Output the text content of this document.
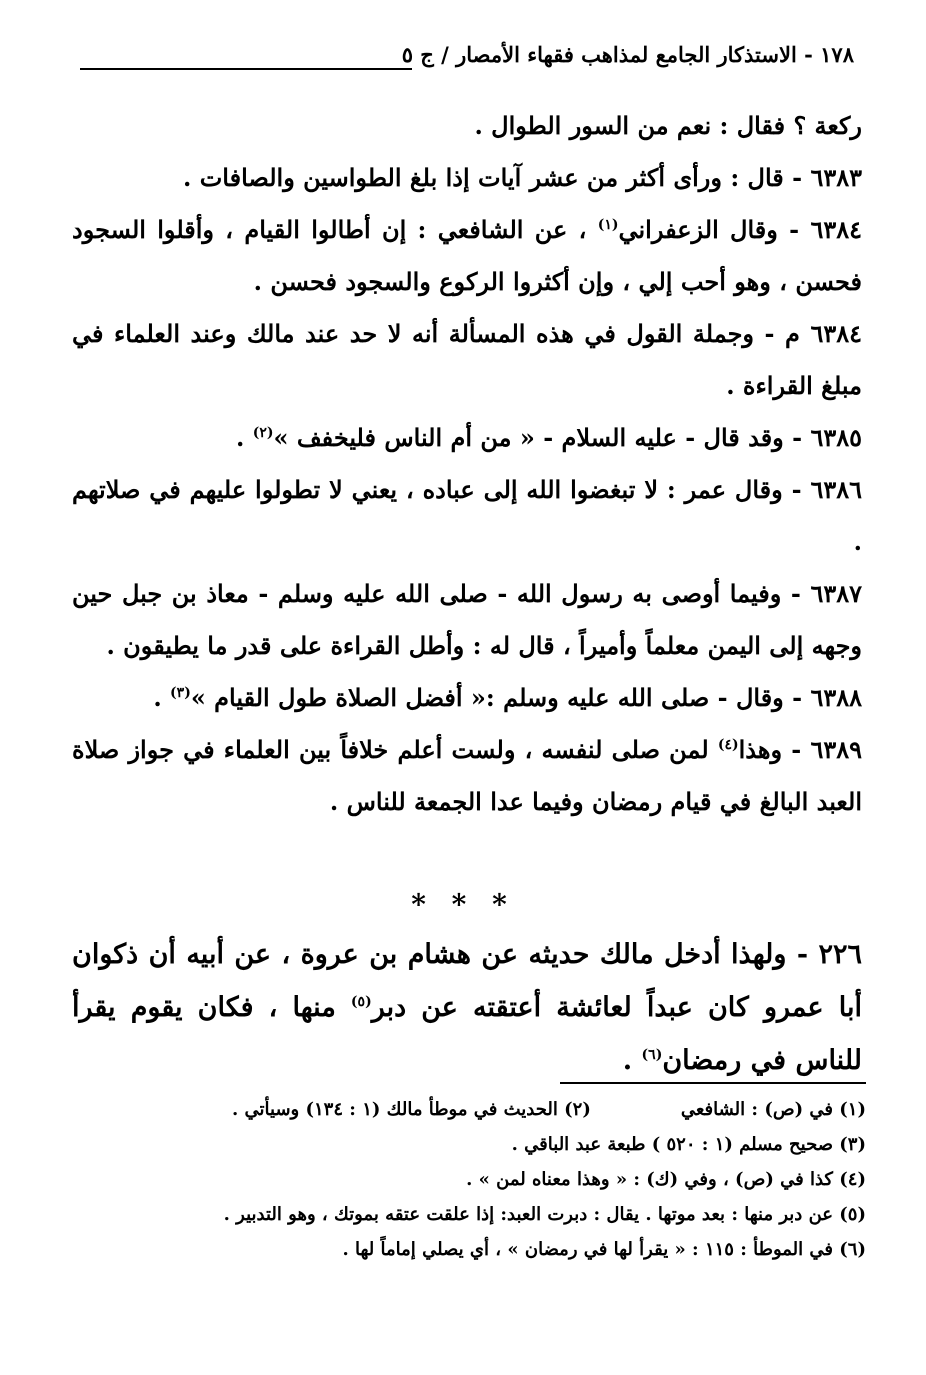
١٧٨ - الاستذكار الجامع لمذاهب فقهاء الأمصار / ج ٥

ركعة ؟ فقال : نعم من السور الطوال .

٦٣٨٣ - قال : ورأى أكثر من عشر آيات إذا بلغ الطواسين والصافات .

٦٣٨٤ - وقال الزعفراني$^{(١)}$ ، عن الشافعي : إن أطالوا القيام ، وأقلوا السجود فحسن ، وهو أحب إلي ، وإن أكثروا الركوع والسجود فحسن .

٦٣٨٤ م - وجملة القول في هذه المسألة أنه لا حد عند مالك وعند العلماء في مبلغ القراءة .

٦٣٨٥ - وقد قال - عليه السلام - « من أم الناس فليخفف »$^{(٢)}$ .

٦٣٨٦ - وقال عمر : لا تبغضوا الله إلى عباده ، يعني لا تطولوا عليهم في صلاتهم .

٦٣٨٧ - وفيما أوصى به رسول الله - صلى الله عليه وسلم - معاذ بن جبل حين وجهه إلى اليمن معلماً وأميراً ، قال له : وأطل القراءة على قدر ما يطيقون .

٦٣٨٨ - وقال - صلى الله عليه وسلم :« أفضل الصلاة طول القيام »$^{(٣)}$ .

٦٣٨٩ - وهذا$^{(٤)}$ لمن صلى لنفسه ، ولست أعلم خلافاً بين العلماء في جواز صلاة العبد البالغ في قيام رمضان وفيما عدا الجمعة للناس .

* * *
٢٢٦ - ولهذا أدخل مالك حديثه عن هشام بن عروة ، عن أبيه أن ذكوان أبا عمرو كان عبداً لعائشة أعتقته عن دبر$^{(٥)}$ منها ، فكان يقوم يقرأ للناس في رمضان$^{(٦)}$ .
(١) في (ص) : الشافعي
(٢) الحديث في موطأ مالك (١ : ١٣٤) وسيأتي .
(٣) صحيح مسلم (١ : ٥٢٠ ) طبعة عبد الباقي .
(٤) كذا في (ص) ، وفي (ك) : « وهذا معناه لمن » .
(٥) عن دبر منها : بعد موتها . يقال : دبرت العبد: إذا علقت عتقه بموتك ، وهو التدبير .
(٦) في الموطأ : ١١٥ : « يقرأ لها في رمضان » ، أي يصلي إماماً لها .
